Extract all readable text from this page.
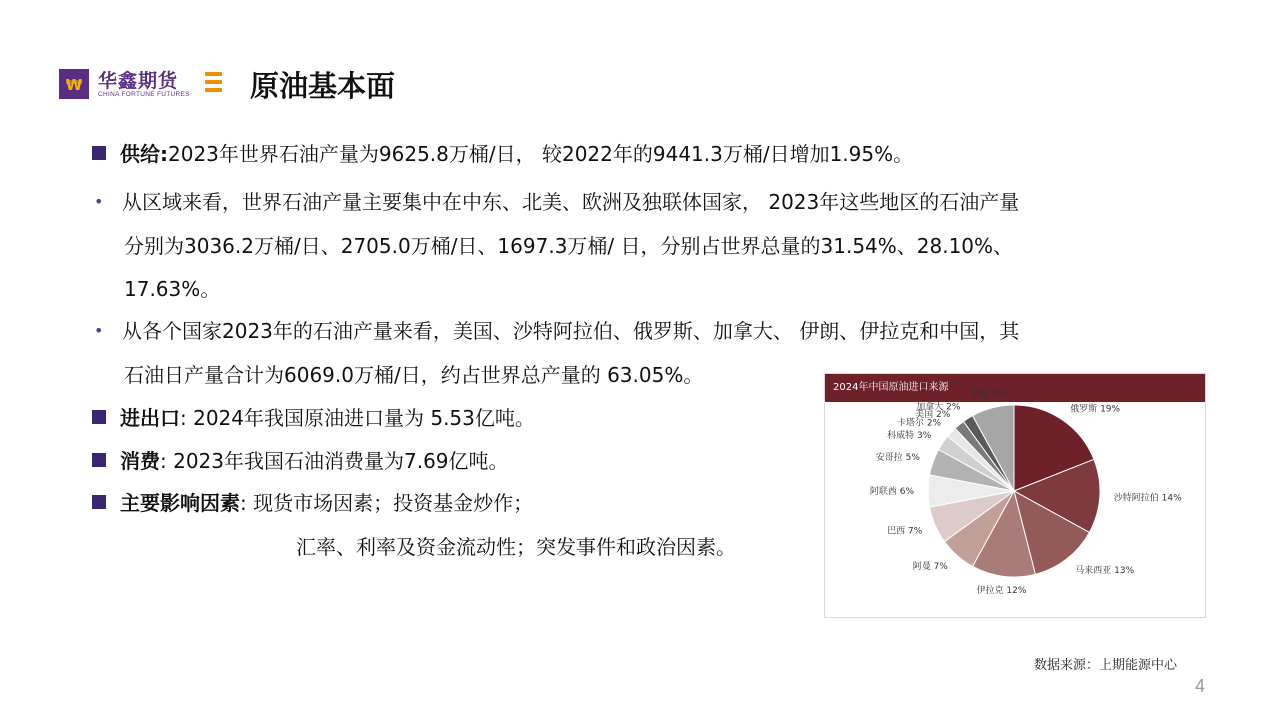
₩ 华鑫期货
CHINA FORTUNE FUTURES 原油基本面
供给:2023年世界石油产量为9625.8万桶/日， 较2022年的9441.3万桶/日增加1.95%。
• 从区域来看，世界石油产量主要集中在中东、北美、欧洲及独联体国家， 2023年这些地区的石油产量
分别为3036.2万桶/日、2705.0万桶/日、1697.3万桶/ 日，分别占世界总量的31.54%、28.10%、
17.63%。
• 从各个国家2023年的石油产量来看，美国、沙特阿拉伯、俄罗斯、加拿大、 伊朗、伊拉克和中国，其
石油日产量合计为6069.0万桶/日，约占世界总产量的 63.05%。
进出口: 2024年我国原油进口量为 5.53亿吨。
消费: 2023年我国石油消费量为7.69亿吨。
主要影响因素: 现货市场因素；投资基金炒作；
汇率、利率及资金流动性；突发事件和政治因素。
2024年中国原油进口来源
俄罗斯 19%
沙特阿拉伯 14%
马来西亚 13%
伊拉克 12%
阿曼 7%
巴西 7%
阿联酋 6%
安哥拉 5%
科威特 3%
卡塔尔 2%
美国 2%
加拿大 2%
其他 8%
数据来源：上期能源中心
4
